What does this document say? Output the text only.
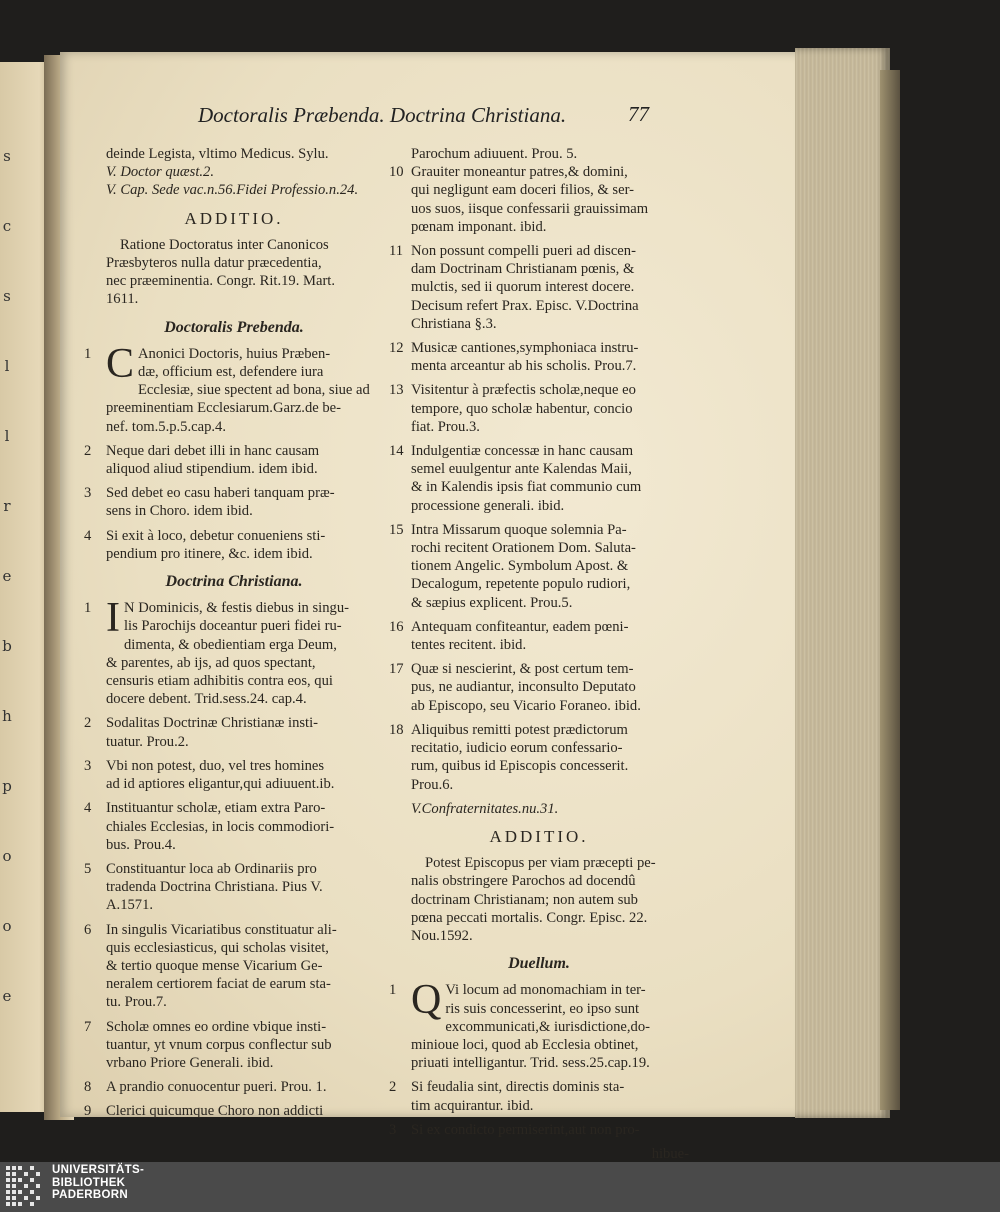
s
c
s
l
l
r
e
b
h
p
o
o
e
Doctoralis Præbenda. Doctrina Christiana.	77
deinde Legista, vltimo Medicus. Sylu.
V. Doctor quæst.2.
V. Cap. Sede vac.n.56.Fidei Professio.n.24.
ADDITIO.
Ratione Doctoratus inter Canonicos
Præsbyteros nulla datur præcedentia,
nec præeminentia. Congr. Rit.19. Mart.
1611.
Doctoralis Prebenda.
1 C Anonici Doctoris, huius Præben-
dæ, officium est, defendere iura
Ecclesiæ, siue spectent ad bona, siue ad
preeminentiam Ecclesiarum.Garz.de be-
nef. tom.5.p.5.cap.4.
2	Neque dari debet illi in hanc causam
aliquod aliud stipendium. idem ibid.
3	Sed debet eo casu haberi tanquam præ-
sens in Choro. idem ibid.
4	Si exit à loco, debetur conueniens sti-
pendium pro itinere, &c. idem ibid.
Doctrina Christiana.
1 I N Dominicis, & festis diebus in singu-
lis Parochijs doceantur pueri fidei ru-
dimenta, & obedientiam erga Deum,
& parentes, ab ijs, ad quos spectant,
censuris etiam adhibitis contra eos, qui
docere debent. Trid.sess.24. cap.4.
2	Sodalitas Doctrinæ Christianæ insti-
tuatur. Prou.2.
3	Vbi non potest, duo, vel tres homines
ad id aptiores eligantur,qui adiuuent.ib.
4	Instituantur scholæ, etiam extra Paro-
chiales Ecclesias, in locis commodiori-
bus. Prou.4.
5	Constituantur loca ab Ordinariis pro
tradenda Doctrina Christiana. Pius V.
A.1571.
6	In singulis Vicariatibus constituatur ali-
quis ecclesiasticus, qui scholas visitet,
& tertio quoque mense Vicarium Ge-
neralem certiorem faciat de earum sta-
tu. Prou.7.
7	Scholæ omnes eo ordine vbique insti-
tuantur, yt vnum corpus conflectur sub
vrbano Priore Generali. ibid.
8	A prandio conuocentur pueri. Prou. 1.
9	Clerici quicumque Choro non addicti
Parochum adiuuent. Prou. 5.
10 Grauiter moneantur patres,& domini,
qui negligunt eam doceri filios, & ser-
uos suos, iisque confessarii grauissimam
pœnam imponant. ibid.
11 Non possunt compelli pueri ad discen-
dam Doctrinam Christianam pœnis, &
mulctis, sed ii quorum interest docere.
Decisum refert Prax. Episc. V.Doctrina
Christiana §.3.
12 Musicæ cantiones,symphoniaca instru-
menta arceantur ab his scholis. Prou.7.
13 Visitentur à præfectis scholæ,neque eo
tempore, quo scholæ habentur, concio
fiat. Prou.3.
14 Indulgentiæ concessæ in hanc causam
semel euulgentur ante Kalendas Maii,
& in Kalendis ipsis fiat communio cum
processione generali. ibid.
15 Intra Missarum quoque solemnia Pa-
rochi recitent Orationem Dom. Saluta-
tionem Angelic. Symbolum Apost. &
Decalogum, repetente populo rudiori,
& sæpius explicent. Prou.5.
16 Antequam confiteantur, eadem pœni-
tentes recitent. ibid.
17 Quæ si nescierint, & post certum tem-
pus, ne audiantur, inconsulto Deputato
ab Episcopo, seu Vicario Foraneo. ibid.
18 Aliquibus remitti potest prædictorum
recitatio, iudicio eorum confessario-
rum, quibus id Episcopis concesserit.
Prou.6.
V.Confraternitates.nu.31.
ADDITIO.
Potest Episcopus per viam præcepti pe-
nalis obstringere Parochos ad docendû
doctrinam Christianam; non autem sub
pœna peccati mortalis. Congr. Episc. 22.
Nou.1592.
Duellum.
1 Q Vi locum ad monomachiam in ter-
ris suis concesserint, eo ipso sunt
excommunicati,& iurisdictione,do-
minioue loci, quod ab Ecclesia obtinet,
priuati intelligantur. Trid. sess.25.cap.19.
2	Si feudalia sint, directis dominis sta-
tim acquirantur. ibid.
3	Si ex condicto permiserint,aut non pro-
hibue-
UNIVERSITÄTS-
BIBLIOTHEK
PADERBORN
